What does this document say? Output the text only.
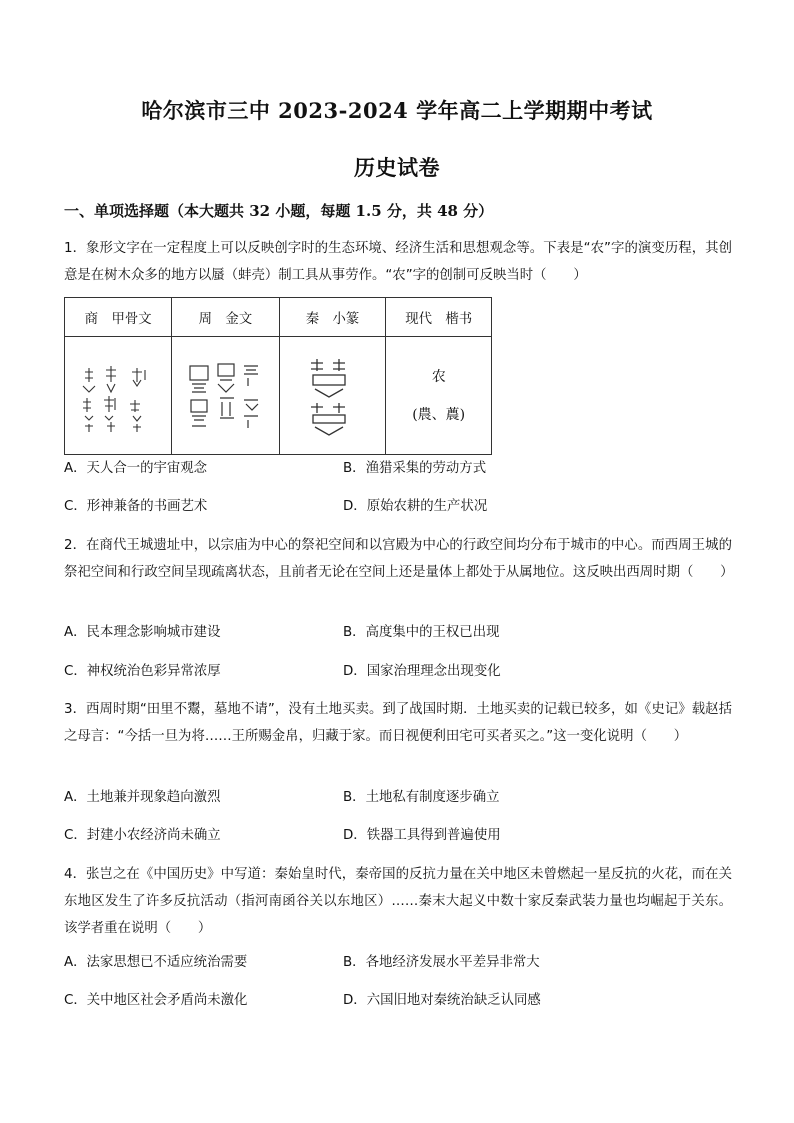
哈尔滨市三中 2023-2024 学年高二上学期期中考试
历史试卷
一、单项选择题（本大题共 32 小题，每题 1.5 分，共 48 分）
1．象形文字在一定程度上可以反映创字时的生态环境、经济生活和思想观念等。下表是“农”字的演变历程，其创意是在树木众多的地方以蜃（蚌壳）制工具从事劳作。“农”字的创制可反映当时（　　）
商　甲骨文	周　金文	秦　小篆	现代　楷书

农
(農、蕽)
A．天人合一的宇宙观念	B．渔猎采集的劳动方式
C．形神兼备的书画艺术	D．原始农耕的生产状况
2．在商代王城遗址中，以宗庙为中心的祭祀空间和以宫殿为中心的行政空间均分布于城市的中心。而西周王城的祭祀空间和行政空间呈现疏离状态，且前者无论在空间上还是量体上都处于从属地位。这反映出西周时期（　　）
A．民本理念影响城市建设	B．高度集中的王权已出现
C．神权统治色彩异常浓厚	D．国家治理理念出现变化
3．西周时期“田里不鬻，墓地不请”，没有土地买卖。到了战国时期．土地买卖的记载已较多，如《史记》载赵括之母言：“今括一旦为将……王所赐金帛，归藏于家。而日视便利田宅可买者买之。”这一变化说明（　　）
A．土地兼并现象趋向激烈	B．土地私有制度逐步确立
C．封建小农经济尚未确立	D．铁器工具得到普遍使用
4．张岂之在《中国历史》中写道：秦始皇时代，秦帝国的反抗力量在关中地区未曾燃起一星反抗的火花，而在关东地区发生了许多反抗活动（指河南函谷关以东地区）……秦末大起义中数十家反秦武装力量也均崛起于关东。该学者重在说明（　　）
A．法家思想已不适应统治需要	B．各地经济发展水平差异非常大
C．关中地区社会矛盾尚未激化	D．六国旧地对秦统治缺乏认同感
